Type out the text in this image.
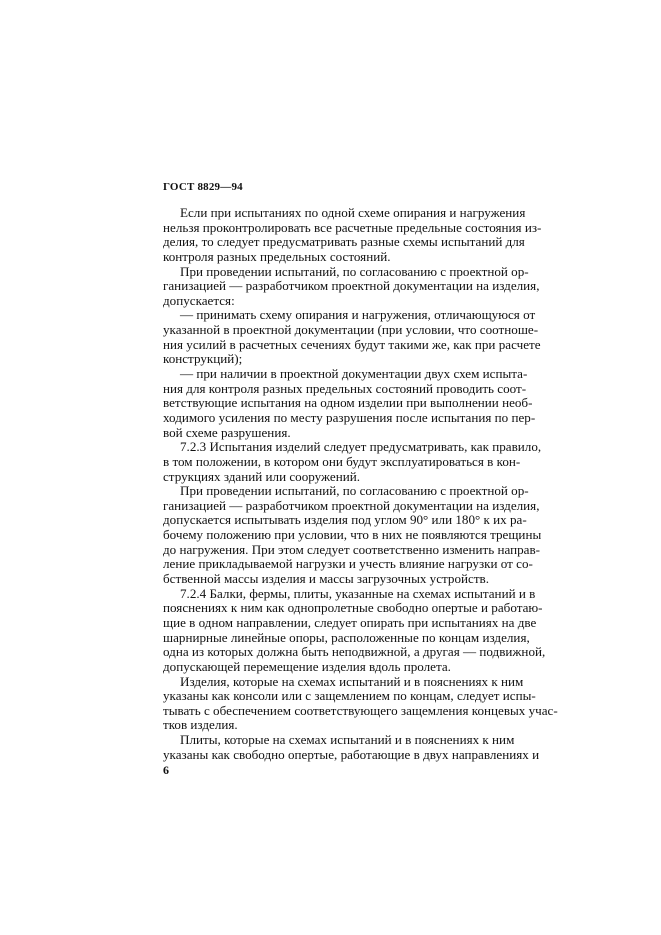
ГОСТ 8829—94
Если при испытаниях по одной схеме опирания и нагружения
нельзя проконтролировать все расчетные предельные состояния из-
делия, то следует предусматривать разные схемы испытаний для
контроля разных предельных состояний.
При проведении испытаний, по согласованию с проектной ор-
ганизацией — разработчиком проектной документации на изделия,
допускается:
— принимать схему опирания и нагружения, отличающуюся от
указанной в проектной документации (при условии, что соотноше-
ния усилий в расчетных сечениях будут такими же, как при расчете
конструкций);
— при наличии в проектной документации двух схем испыта-
ния для контроля разных предельных состояний проводить соот-
ветствующие испытания на одном изделии при выполнении необ-
ходимого усиления по месту разрушения после испытания по пер-
вой схеме разрушения.
7.2.3 Испытания изделий следует предусматривать, как правило,
в том положении, в котором они будут эксплуатироваться в кон-
струкциях зданий или сооружений.
При проведении испытаний, по согласованию с проектной ор-
ганизацией — разработчиком проектной документации на изделия,
допускается испытывать изделия под углом 90° или 180° к их ра-
бочему положению при условии, что в них не появляются трещины
до нагружения. При этом следует соответственно изменить направ-
ление прикладываемой нагрузки и учесть влияние нагрузки от со-
бственной массы изделия и массы загрузочных устройств.
7.2.4 Балки, фермы, плиты, указанные на схемах испытаний и в
пояснениях к ним как однопролетные свободно опертые и работаю-
щие в одном направлении, следует опирать при испытаниях на две
шарнирные линейные опоры, расположенные по концам изделия,
одна из которых должна быть неподвижной, а другая — подвижной,
допускающей перемещение изделия вдоль пролета.
Изделия, которые на схемах испытаний и в пояснениях к ним
указаны как консоли или с защемлением по концам, следует испы-
тывать с обеспечением соответствующего защемления концевых учас-
тков изделия.
Плиты, которые на схемах испытаний и в пояснениях к ним
указаны как свободно опертые, работающие в двух направлениях и
6
